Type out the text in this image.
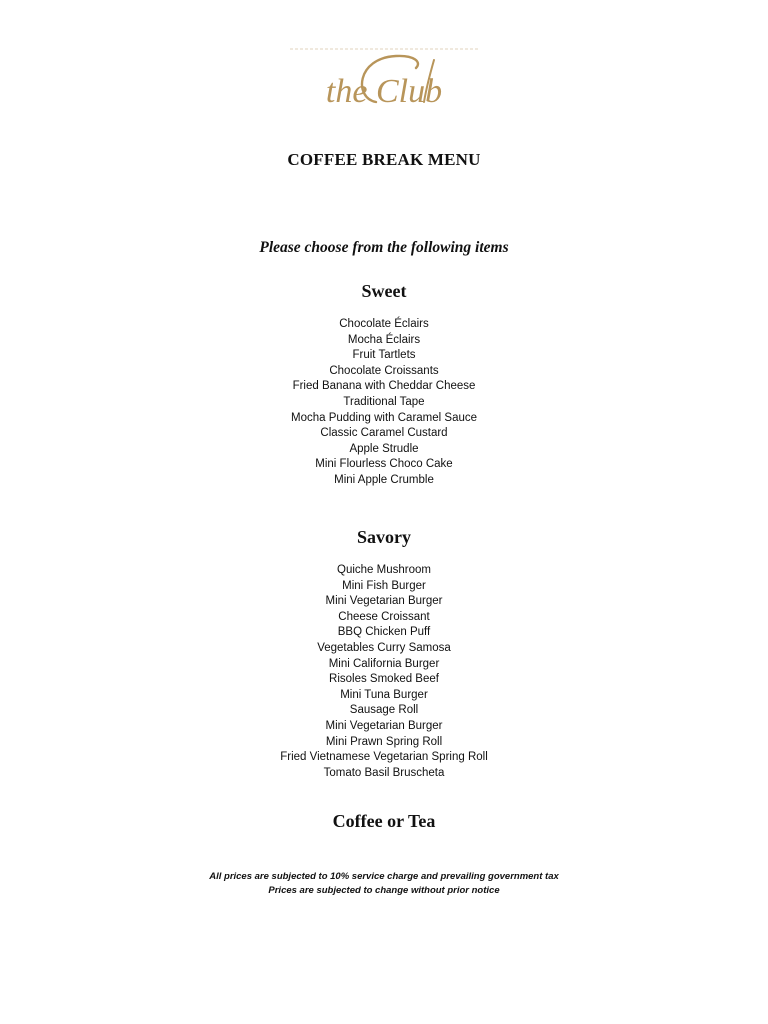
the Club
COFFEE BREAK MENU
Please choose from the following items
Sweet
Chocolate Éclairs
Mocha Éclairs
Fruit Tartlets
Chocolate Croissants
Fried Banana with Cheddar Cheese
Traditional Tape
Mocha Pudding with Caramel Sauce
Classic Caramel Custard
Apple Strudle
Mini Flourless Choco Cake
Mini Apple Crumble
Savory
Quiche Mushroom
Mini Fish Burger
Mini Vegetarian Burger
Cheese Croissant
BBQ Chicken Puff
Vegetables Curry Samosa
Mini California Burger
Risoles Smoked Beef
Mini Tuna Burger
Sausage Roll
Mini Vegetarian Burger
Mini Prawn Spring Roll
Fried Vietnamese Vegetarian Spring Roll
Tomato Basil Bruscheta
Coffee or Tea
All prices are subjected to 10% service charge and prevailing government tax
Prices are subjected to change without prior notice
